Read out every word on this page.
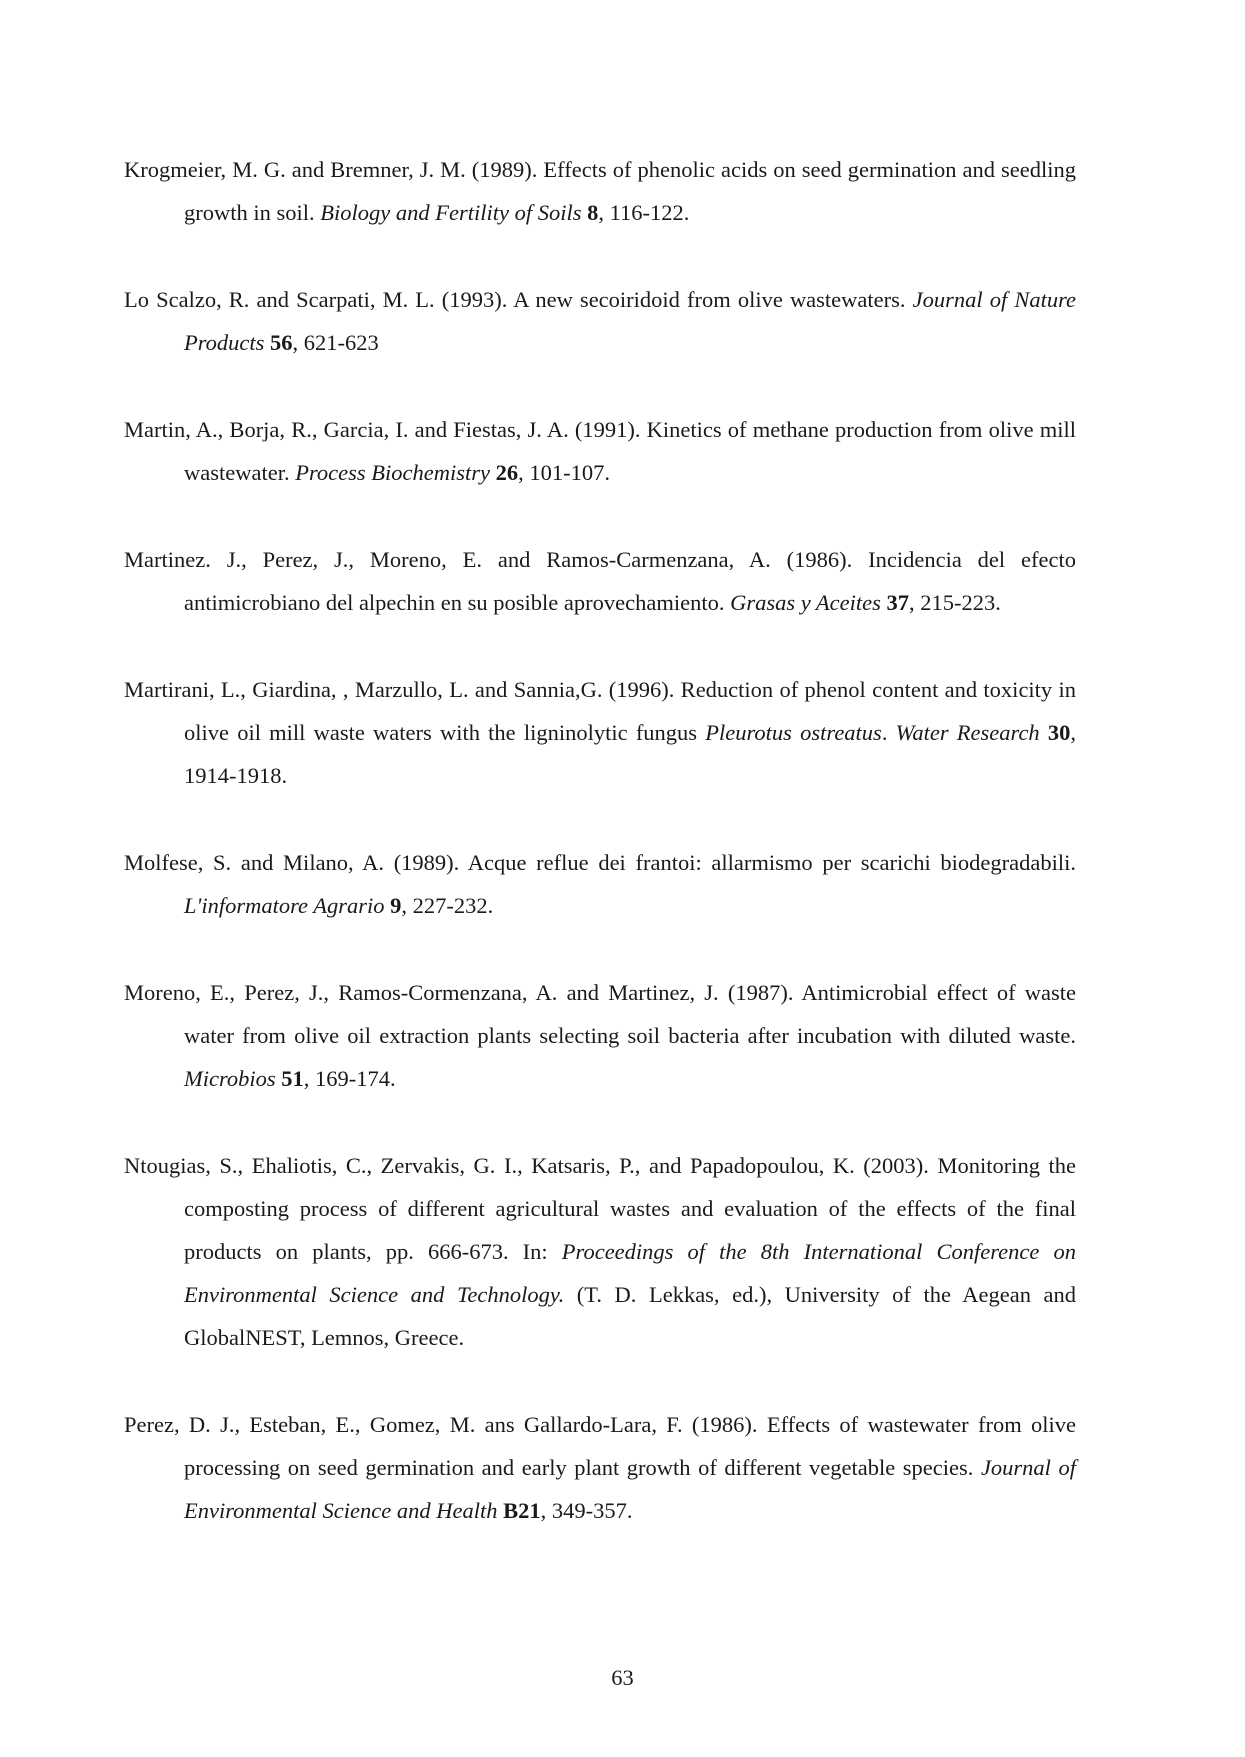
Krogmeier, M. G. and Bremner, J. M. (1989). Effects of phenolic acids on seed germination and seedling growth in soil. Biology and Fertility of Soils 8, 116-122.

Lo Scalzo, R. and Scarpati, M. L. (1993). A new secoiridoid from olive wastewaters. Journal of Nature Products 56, 621-623

Martin, A., Borja, R., Garcia, I. and Fiestas, J. A. (1991). Kinetics of methane production from olive mill wastewater. Process Biochemistry 26, 101-107.

Martinez. J., Perez, J., Moreno, E. and Ramos-Carmenzana, A. (1986). Incidencia del efecto antimicrobiano del alpechin en su posible aprovechamiento. Grasas y Aceites 37, 215-223.

Martirani, L., Giardina, , Marzullo, L. and Sannia,G. (1996). Reduction of phenol content and toxicity in olive oil mill waste waters with the ligninolytic fungus Pleurotus ostreatus. Water Research 30, 1914-1918.

Molfese, S. and Milano, A. (1989). Acque reflue dei frantoi: allarmismo per scarichi biodegradabili. L'informatore Agrario 9, 227-232.

Moreno, E., Perez, J., Ramos-Cormenzana, A. and Martinez, J. (1987). Antimicrobial effect of waste water from olive oil extraction plants selecting soil bacteria after incubation with diluted waste. Microbios 51, 169-174.

Ntougias, S., Ehaliotis, C., Zervakis, G. I., Katsaris, P., and Papadopoulou, K. (2003). Monitoring the composting process of different agricultural wastes and evaluation of the effects of the final products on plants, pp. 666-673. In: Proceedings of the 8th International Conference on Environmental Science and Technology. (T. D. Lekkas, ed.), University of the Aegean and GlobalNEST, Lemnos, Greece.

Perez, D. J., Esteban, E., Gomez, M. ans Gallardo-Lara, F. (1986). Effects of wastewater from olive processing on seed germination and early plant growth of different vegetable species. Journal of Environmental Science and Health B21, 349-357.

63
